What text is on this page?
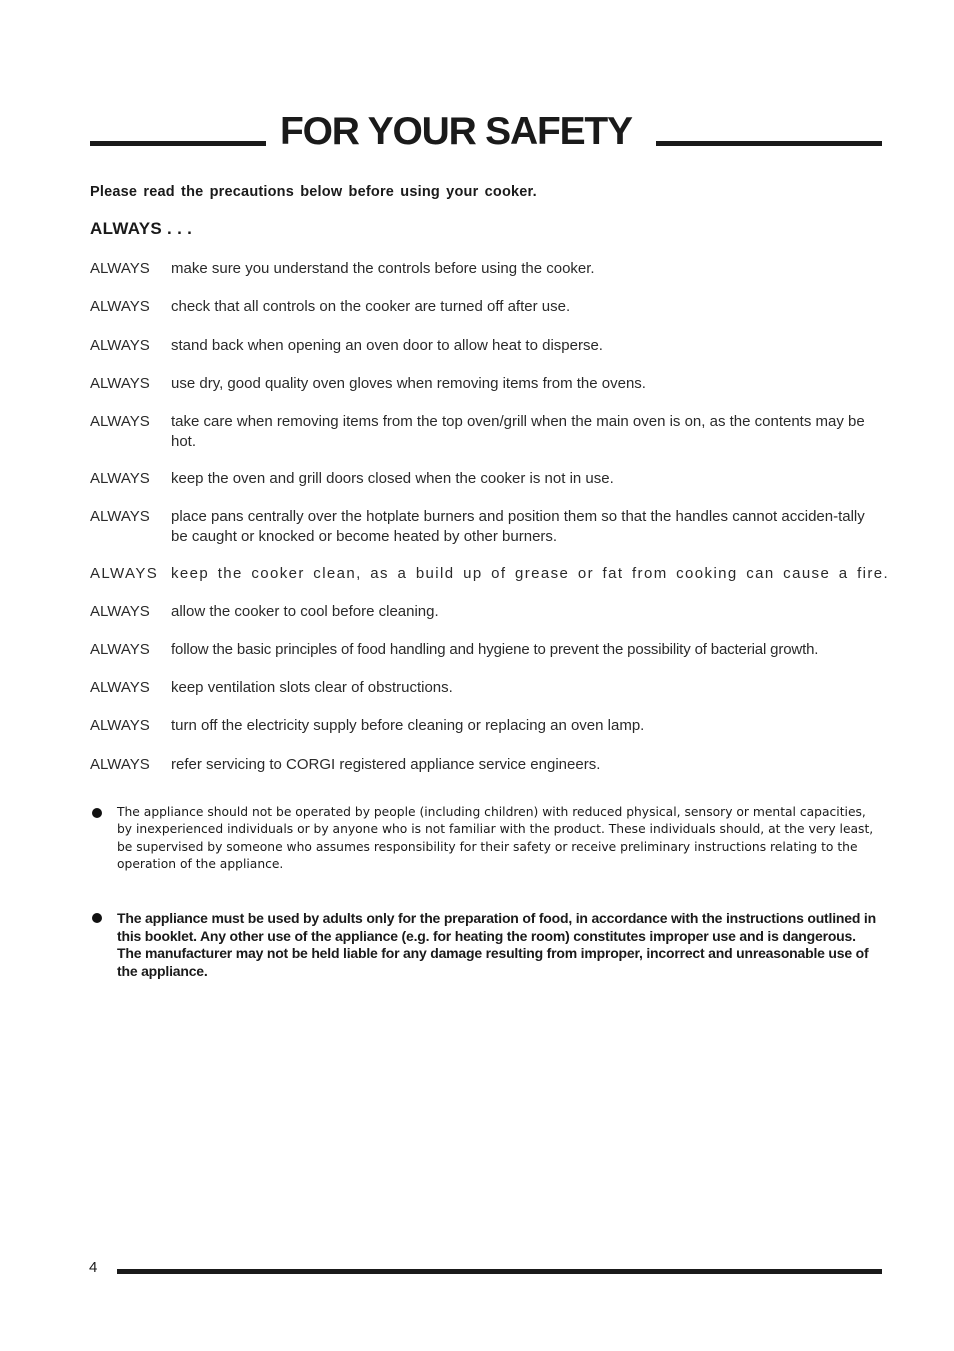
FOR YOUR SAFETY
Please read the precautions below before using your cooker.
ALWAYS . . .
ALWAYS make sure you understand the controls before using the cooker.
ALWAYS check that all controls on the cooker are turned off after use.
ALWAYS stand back when opening an oven door to allow heat to disperse.
ALWAYS use dry, good quality oven gloves when removing items from the ovens.
ALWAYS take care when removing items from the top oven/grill when the main oven is on, as the contents may be hot.
ALWAYS keep the oven and grill doors closed when the cooker is not in use.
ALWAYS place pans centrally over the hotplate burners and position them so that the handles cannot acciden-tally be caught or knocked or become heated by other burners.
ALWAYS keep the cooker clean, as a build up of grease or fat from cooking can cause a fire.
ALWAYS allow the cooker to cool before cleaning.
ALWAYS follow the basic principles of food handling and hygiene to prevent the possibility of bacterial growth.
ALWAYS keep ventilation slots clear of obstructions.
ALWAYS turn off the electricity supply before cleaning or replacing an oven lamp.
ALWAYS refer servicing to CORGI registered appliance service engineers.
The appliance should not be operated by people (including children) with reduced physical, sensory or mental capacities, by inexperienced individuals or by anyone who is not familiar with the product. These individuals should, at the very least, be supervised by someone who assumes responsibility for their safety or receive preliminary instructions relating to the operation of the appliance.
The appliance must be used by adults only for the preparation of food, in accordance with the instructions outlined in this booklet. Any other use of the appliance (e.g. for heating the room) constitutes improper use and is dangerous. The manufacturer may not be held liable for any damage resulting from improper, incorrect and unreasonable use of the appliance.
4
